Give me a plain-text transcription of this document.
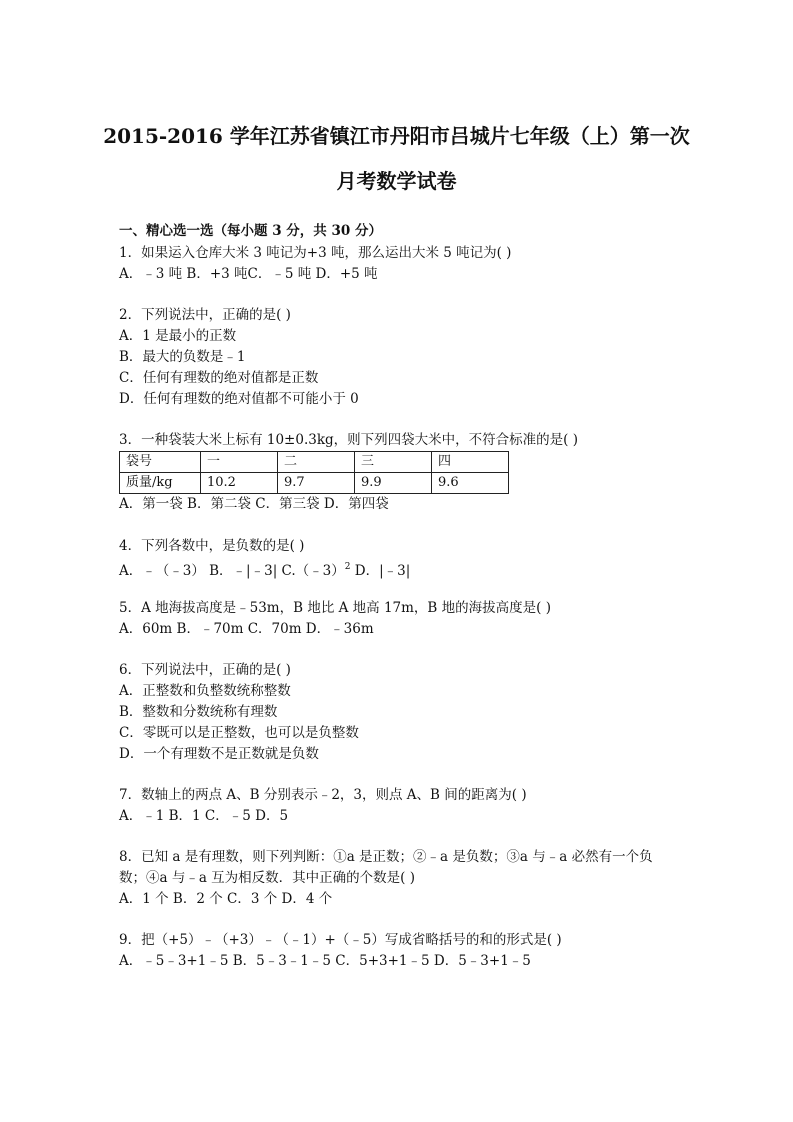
2015-2016 学年江苏省镇江市丹阳市吕城片七年级（上）第一次
月考数学试卷
一、精心选一选（每小题 3 分，共 30 分）
1．如果运入仓库大米 3 吨记为+3 吨，那么运出大米 5 吨记为( )
A．﹣3 吨 B．+3 吨C．﹣5 吨 D．+5 吨
2．下列说法中，正确的是( )
A．1 是最小的正数
B．最大的负数是﹣1
C．任何有理数的绝对值都是正数
D．任何有理数的绝对值都不可能小于 0
3．一种袋装大米上标有 10±0.3kg，则下列四袋大米中，不符合标准的是( )
袋号	一	二	三	四
质量/kg	10.2	9.7	9.9	9.6
A．第一袋 B．第二袋 C．第三袋 D．第四袋
4．下列各数中，是负数的是( )
A．﹣（﹣3） B．﹣|﹣3| C.（﹣3）$^2$ D．|﹣3|
5．A 地海拔高度是﹣53m，B 地比 A 地高 17m，B 地的海拔高度是( )
A．60m B．﹣70m C．70m D．﹣36m
6．下列说法中，正确的是( )
A．正整数和负整数统称整数
B．整数和分数统称有理数
C．零既可以是正整数，也可以是负整数
D．一个有理数不是正数就是负数
7．数轴上的两点 A、B 分别表示﹣2，3，则点 A、B 间的距离为( )
A．﹣1 B．1 C．﹣5 D．5
8．已知 a 是有理数，则下列判断：①a 是正数；②﹣a 是负数；③a 与﹣a 必然有一个负
数；④a 与﹣a 互为相反数．其中正确的个数是( )
A．1 个 B．2 个 C．3 个 D．4 个
9．把（+5）﹣（+3）﹣（﹣1）+（﹣5）写成省略括号的和的形式是( )
A．﹣5﹣3+1﹣5 B．5﹣3﹣1﹣5 C．5+3+1﹣5 D．5﹣3+1﹣5
